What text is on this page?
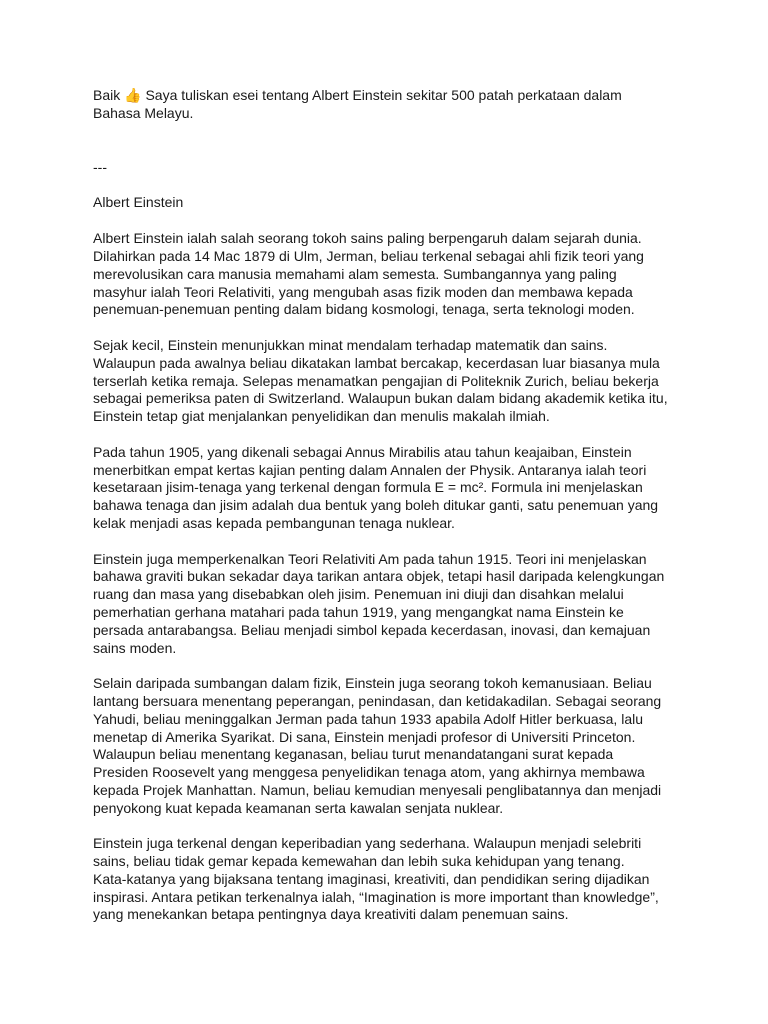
Baik 👍 Saya tuliskan esei tentang Albert Einstein sekitar 500 patah perkataan dalam
Bahasa Melayu.

---

Albert Einstein

Albert Einstein ialah salah seorang tokoh sains paling berpengaruh dalam sejarah dunia.
Dilahirkan pada 14 Mac 1879 di Ulm, Jerman, beliau terkenal sebagai ahli fizik teori yang
merevolusikan cara manusia memahami alam semesta. Sumbangannya yang paling
masyhur ialah Teori Relativiti, yang mengubah asas fizik moden dan membawa kepada
penemuan-penemuan penting dalam bidang kosmologi, tenaga, serta teknologi moden.

Sejak kecil, Einstein menunjukkan minat mendalam terhadap matematik dan sains.
Walaupun pada awalnya beliau dikatakan lambat bercakap, kecerdasan luar biasanya mula
terserlah ketika remaja. Selepas menamatkan pengajian di Politeknik Zurich, beliau bekerja
sebagai pemeriksa paten di Switzerland. Walaupun bukan dalam bidang akademik ketika itu,
Einstein tetap giat menjalankan penyelidikan dan menulis makalah ilmiah.

Pada tahun 1905, yang dikenali sebagai Annus Mirabilis atau tahun keajaiban, Einstein
menerbitkan empat kertas kajian penting dalam Annalen der Physik. Antaranya ialah teori
kesetaraan jisim-tenaga yang terkenal dengan formula E = mc². Formula ini menjelaskan
bahawa tenaga dan jisim adalah dua bentuk yang boleh ditukar ganti, satu penemuan yang
kelak menjadi asas kepada pembangunan tenaga nuklear.

Einstein juga memperkenalkan Teori Relativiti Am pada tahun 1915. Teori ini menjelaskan
bahawa graviti bukan sekadar daya tarikan antara objek, tetapi hasil daripada kelengkungan
ruang dan masa yang disebabkan oleh jisim. Penemuan ini diuji dan disahkan melalui
pemerhatian gerhana matahari pada tahun 1919, yang mengangkat nama Einstein ke
persada antarabangsa. Beliau menjadi simbol kepada kecerdasan, inovasi, dan kemajuan
sains moden.

Selain daripada sumbangan dalam fizik, Einstein juga seorang tokoh kemanusiaan. Beliau
lantang bersuara menentang peperangan, penindasan, dan ketidakadilan. Sebagai seorang
Yahudi, beliau meninggalkan Jerman pada tahun 1933 apabila Adolf Hitler berkuasa, lalu
menetap di Amerika Syarikat. Di sana, Einstein menjadi profesor di Universiti Princeton.
Walaupun beliau menentang keganasan, beliau turut menandatangani surat kepada
Presiden Roosevelt yang menggesa penyelidikan tenaga atom, yang akhirnya membawa
kepada Projek Manhattan. Namun, beliau kemudian menyesali penglibatannya dan menjadi
penyokong kuat kepada keamanan serta kawalan senjata nuklear.

Einstein juga terkenal dengan keperibadian yang sederhana. Walaupun menjadi selebriti
sains, beliau tidak gemar kepada kemewahan dan lebih suka kehidupan yang tenang.
Kata-katanya yang bijaksana tentang imaginasi, kreativiti, dan pendidikan sering dijadikan
inspirasi. Antara petikan terkenalnya ialah, “Imagination is more important than knowledge”,
yang menekankan betapa pentingnya daya kreativiti dalam penemuan sains.
